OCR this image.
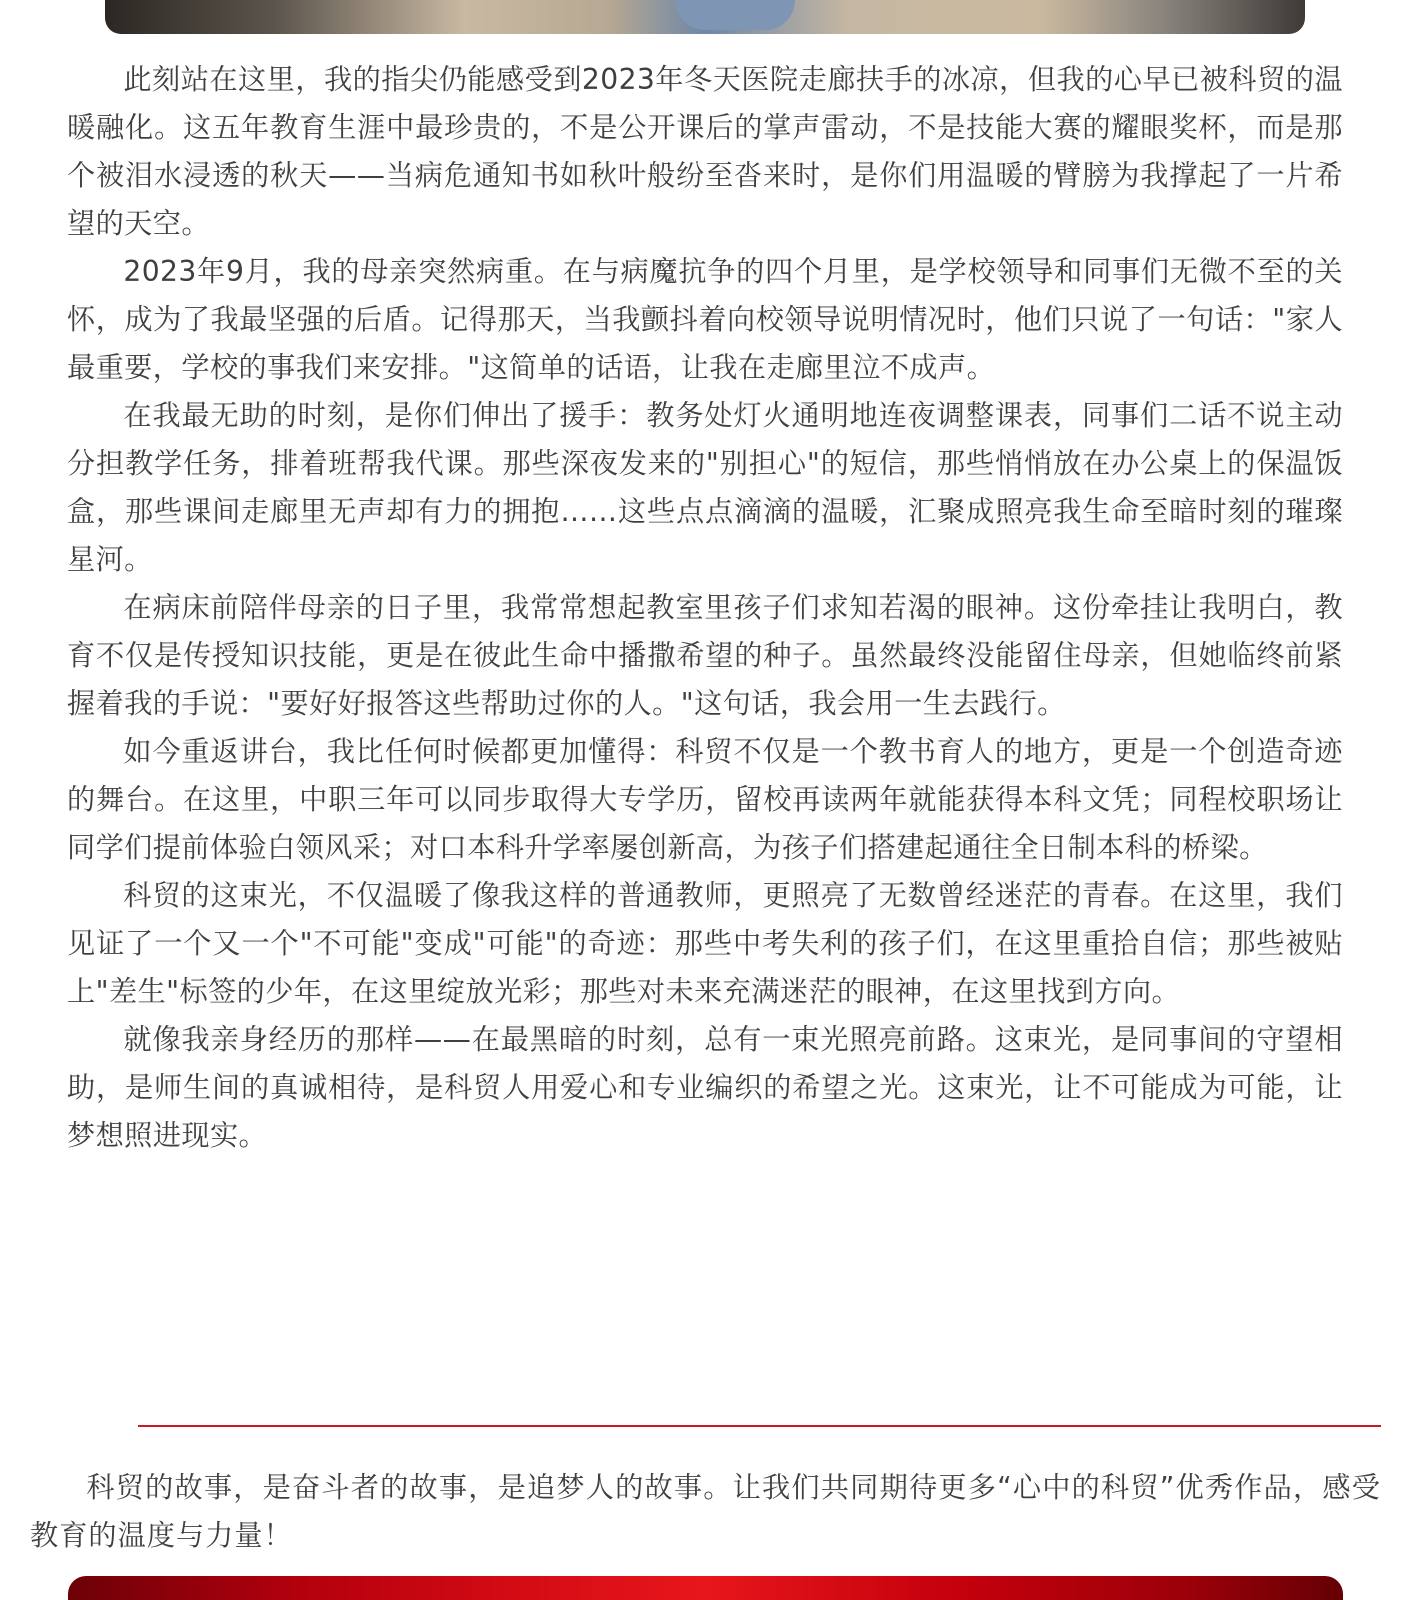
此刻站在这里，我的指尖仍能感受到2023年冬天医院走廊扶手的冰凉，但我的心早已被科贸的温暖融化。这五年教育生涯中最珍贵的，不是公开课后的掌声雷动，不是技能大赛的耀眼奖杯，而是那个被泪水浸透的秋天——当病危通知书如秋叶般纷至沓来时，是你们用温暖的臂膀为我撑起了一片希望的天空。

2023年9月，我的母亲突然病重。在与病魔抗争的四个月里，是学校领导和同事们无微不至的关怀，成为了我最坚强的后盾。记得那天，当我颤抖着向校领导说明情况时，他们只说了一句话："家人最重要，学校的事我们来安排。"这简单的话语，让我在走廊里泣不成声。

在我最无助的时刻，是你们伸出了援手：教务处灯火通明地连夜调整课表，同事们二话不说主动分担教学任务，排着班帮我代课。那些深夜发来的"别担心"的短信，那些悄悄放在办公桌上的保温饭盒，那些课间走廊里无声却有力的拥抱……这些点点滴滴的温暖，汇聚成照亮我生命至暗时刻的璀璨星河。

在病床前陪伴母亲的日子里，我常常想起教室里孩子们求知若渴的眼神。这份牵挂让我明白，教育不仅是传授知识技能，更是在彼此生命中播撒希望的种子。虽然最终没能留住母亲，但她临终前紧握着我的手说："要好好报答这些帮助过你的人。"这句话，我会用一生去践行。

如今重返讲台，我比任何时候都更加懂得：科贸不仅是一个教书育人的地方，更是一个创造奇迹的舞台。在这里，中职三年可以同步取得大专学历，留校再读两年就能获得本科文凭；同程校职场让同学们提前体验白领风采；对口本科升学率屡创新高，为孩子们搭建起通往全日制本科的桥梁。

科贸的这束光，不仅温暖了像我这样的普通教师，更照亮了无数曾经迷茫的青春。在这里，我们见证了一个又一个"不可能"变成"可能"的奇迹：那些中考失利的孩子们，在这里重拾自信；那些被贴上"差生"标签的少年，在这里绽放光彩；那些对未来充满迷茫的眼神，在这里找到方向。

就像我亲身经历的那样——在最黑暗的时刻，总有一束光照亮前路。这束光，是同事间的守望相助，是师生间的真诚相待，是科贸人用爱心和专业编织的希望之光。这束光，让不可能成为可能，让梦想照进现实。

科贸的故事，是奋斗者的故事，是追梦人的故事。让我们共同期待更多“心中的科贸”优秀作品，感受教育的温度与力量！
